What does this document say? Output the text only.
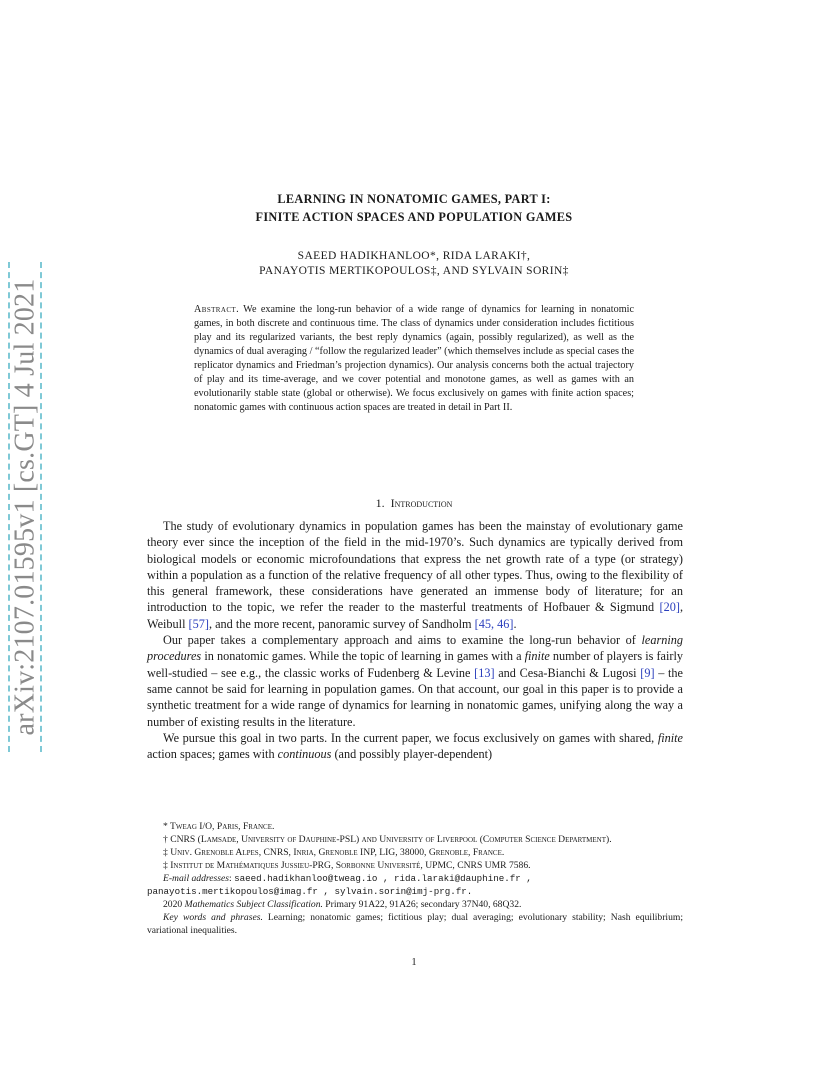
arXiv:2107.01595v1 [cs.GT] 4 Jul 2021
LEARNING IN NONATOMIC GAMES, PART I:
FINITE ACTION SPACES AND POPULATION GAMES
SAEED HADIKHANLOO*, RIDA LARAKI†,
PANAYOTIS MERTIKOPOULOS‡, AND SYLVAIN SORIN‡

Abstract. We examine the long-run behavior of a wide range of dynamics for learning in nonatomic games, in both discrete and continuous time. The class of dynamics under consideration includes fictitious play and its regularized variants, the best reply dynamics (again, possibly regularized), as well as the dynamics of dual averaging / “follow the regularized leader” (which themselves include as special cases the replicator dynamics and Friedman’s projection dynamics). Our analysis concerns both the actual trajectory of play and its time-average, and we cover potential and monotone games, as well as games with an evolutionarily stable state (global or otherwise). We focus exclusively on games with finite action spaces; nonatomic games with continuous action spaces are treated in detail in Part II.

1. Introduction

The study of evolutionary dynamics in population games has been the mainstay of evolutionary game theory ever since the inception of the field in the mid-1970’s. Such dynamics are typically derived from biological models or economic microfoundations that express the net growth rate of a type (or strategy) within a population as a function of the relative frequency of all other types. Thus, owing to the flexibility of this general framework, these considerations have generated an immense body of literature; for an introduction to the topic, we refer the reader to the masterful treatments of Hofbauer & Sigmund [20], Weibull [57], and the more recent, panoramic survey of Sandholm [45, 46].

Our paper takes a complementary approach and aims to examine the long-run behavior of learning procedures in nonatomic games. While the topic of learning in games with a finite number of players is fairly well-studied – see e.g., the classic works of Fudenberg & Levine [13] and Cesa-Bianchi & Lugosi [9] – the same cannot be said for learning in population games. On that account, our goal in this paper is to provide a synthetic treatment for a wide range of dynamics for learning in nonatomic games, unifying along the way a number of existing results in the literature.

We pursue this goal in two parts. In the current paper, we focus exclusively on games with shared, finite action spaces; games with continuous (and possibly player-dependent)

* Tweag I/O, Paris, France.

† CNRS (Lamsade, University of Dauphine-PSL) and University of Liverpool (Computer Science Department).

‡ Univ. Grenoble Alpes, CNRS, Inria, Grenoble INP, LIG, 38000, Grenoble, France.

‡ Institut de Mathématiques Jussieu-PRG, Sorbonne Université, UPMC, CNRS UMR 7586.

E-mail addresses: saeed.hadikhanloo@tweag.io , rida.laraki@dauphine.fr ,

panayotis.mertikopoulos@imag.fr , sylvain.sorin@imj-prg.fr.

2020 Mathematics Subject Classification. Primary 91A22, 91A26; secondary 37N40, 68Q32.

Key words and phrases. Learning; nonatomic games; fictitious play; dual averaging; evolutionary stability; Nash equilibrium; variational inequalities.

1
